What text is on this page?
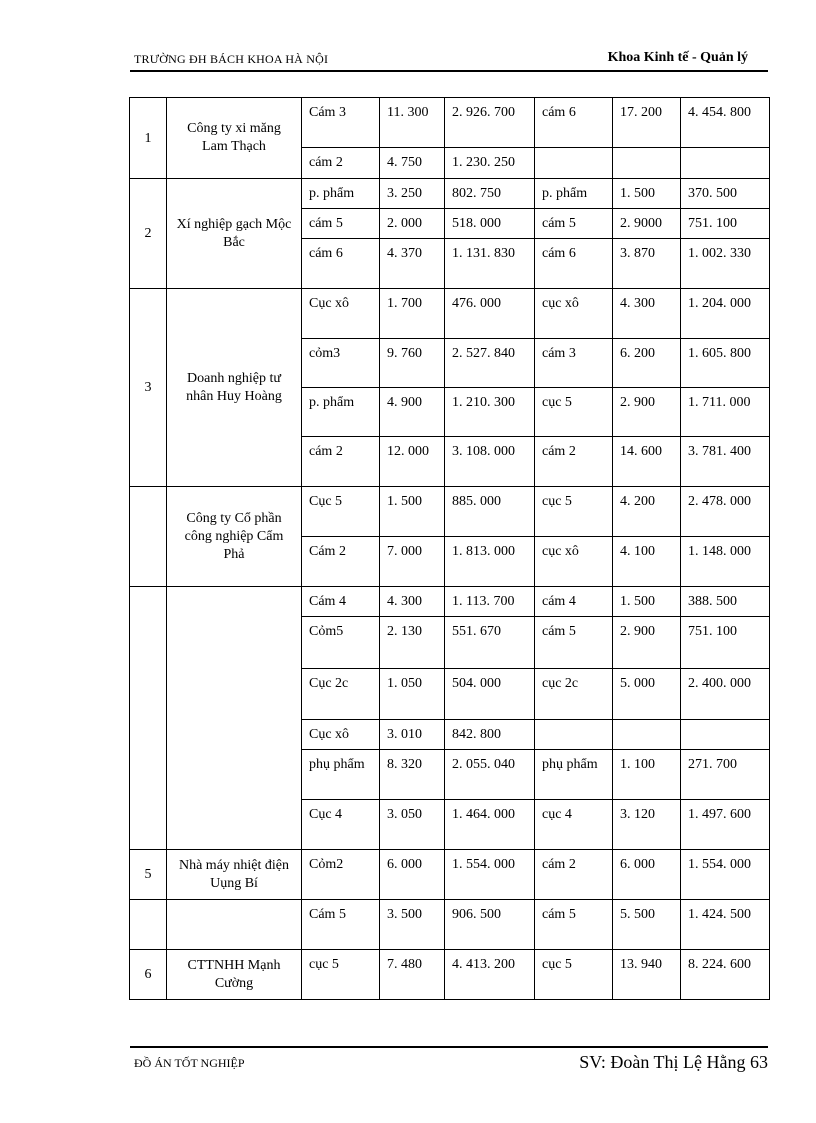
TRƯỜNG ĐH BÁCH KHOA HÀ NỘI	Khoa Kinh tế - Quản lý
1	Công ty xi măng Lam Thạch	Cám 3	11. 300	2. 926. 700	cám 6	17. 200	4. 454. 800
		cám 2	4. 750	1. 230. 250			
2	Xí nghiệp gạch Mộc Bắc	p. phẩm	3. 250	802. 750	p. phẩm	1. 500	370. 500
		cám 5	2. 000	518. 000	cám 5	2. 9000	751. 100
		cám 6	4. 370	1. 131. 830	cám 6	3. 870	1. 002. 330
3	Doanh nghiệp tư nhân Huy Hoàng	Cục xô	1. 700	476. 000	cục xô	4. 300	1. 204. 000
		cỏm3	9. 760	2. 527. 840	cám 3	6. 200	1. 605. 800
		p. phẩm	4. 900	1. 210. 300	cục 5	2. 900	1. 711. 000
		cám 2	12. 000	3. 108. 000	cám 2	14. 600	3. 781. 400
	Công ty Cổ phần công nghiệp Cẩm Phả	Cục 5	1. 500	885. 000	cục 5	4. 200	2. 478. 000
		Cám 2	7. 000	1. 813. 000	cục xô	4. 100	1. 148. 000
		Cám 4	4. 300	1. 113. 700	cám 4	1. 500	388. 500
		Cỏm5	2. 130	551. 670	cám 5	2. 900	751. 100
		Cục 2c	1. 050	504. 000	cục 2c	5. 000	2. 400. 000
		Cục xô	3. 010	842. 800			
		phụ phẩm	8. 320	2. 055. 040	phụ phẩm	1. 100	271. 700
		Cục 4	3. 050	1. 464. 000	cục 4	3. 120	1. 497. 600
5	Nhà máy nhiệt điện Uụng Bí	Cỏm2	6. 000	1. 554. 000	cám 2	6. 000	1. 554. 000
		Cám 5	3. 500	906. 500	cám 5	5. 500	1. 424. 500
6	CTTNHH Mạnh Cường	cục 5	7. 480	4. 413. 200	cục 5	13. 940	8. 224. 600
ĐỒ ÁN TỐT NGHIỆP	SV: Đoàn Thị Lệ Hằng 63
